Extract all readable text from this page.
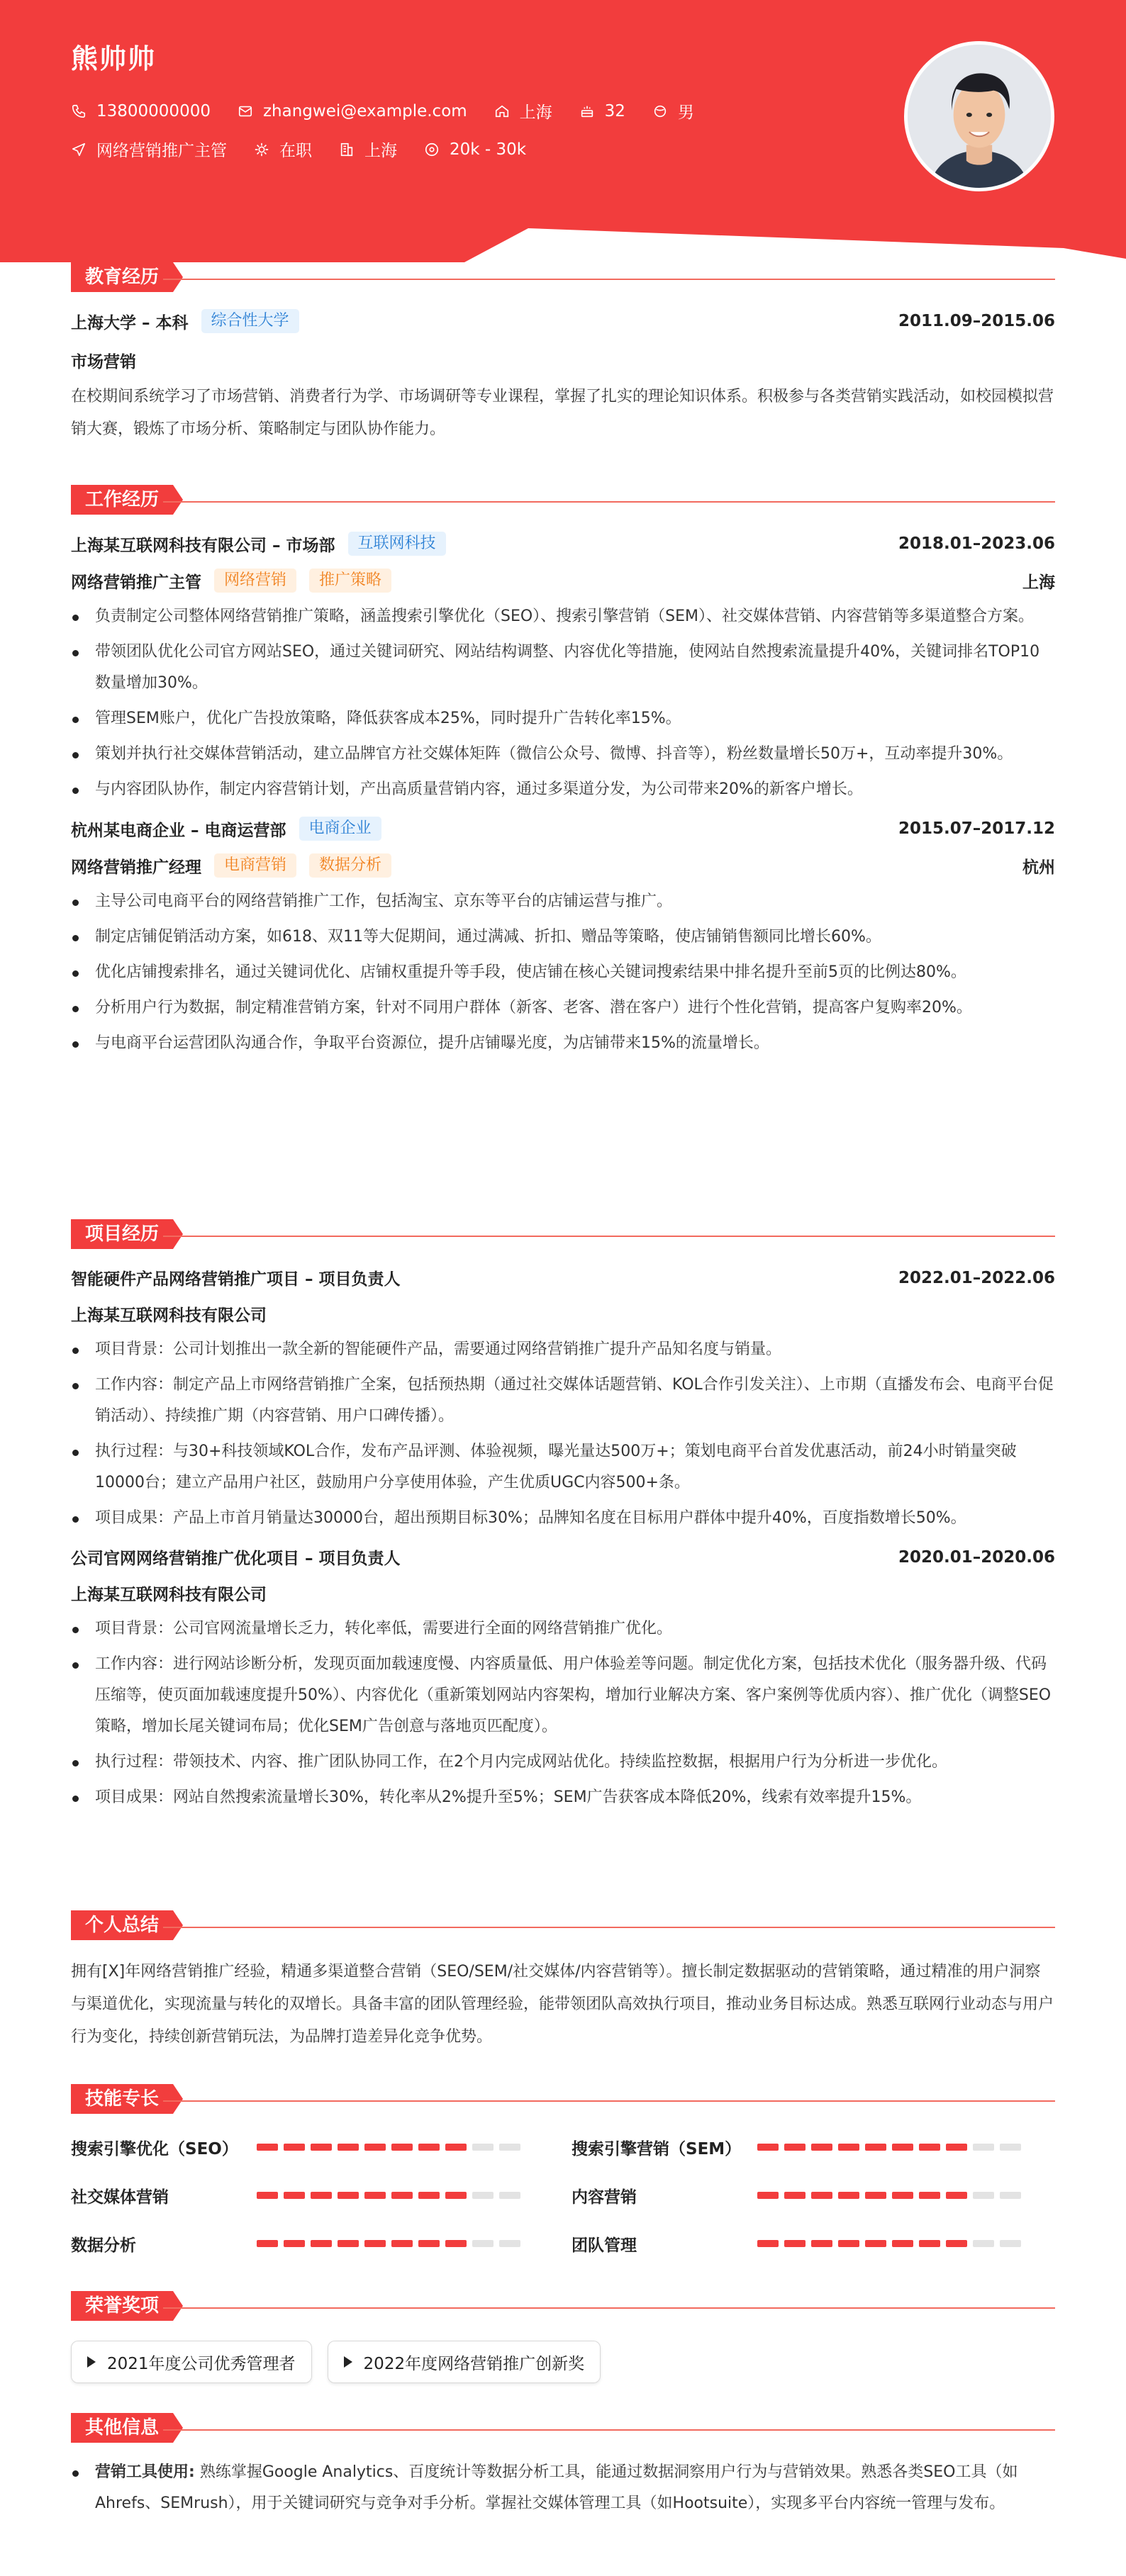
熊帅帅
13800000000	zhangwei@example.com	上海	32	男
网络营销推广主管	在职	上海	20k - 30k
教育经历
上海大学 – 本科	综合性大学	2011.09–2015.06
市场营销
在校期间系统学习了市场营销、消费者行为学、市场调研等专业课程，掌握了扎实的理论知识体系。积极参与各类营销实践活动，如校园模拟营销大赛，锻炼了市场分析、策略制定与团队协作能力。
工作经历
上海某互联网科技有限公司 – 市场部	互联网科技	2018.01–2023.06
网络营销推广主管	网络营销	推广策略	上海
负责制定公司整体网络营销推广策略，涵盖搜索引擎优化（SEO）、搜索引擎营销（SEM）、社交媒体营销、内容营销等多渠道整合方案。
带领团队优化公司官方网站SEO，通过关键词研究、网站结构调整、内容优化等措施，使网站自然搜索流量提升40%，关键词排名TOP10数量增加30%。
管理SEM账户，优化广告投放策略，降低获客成本25%，同时提升广告转化率15%。
策划并执行社交媒体营销活动，建立品牌官方社交媒体矩阵（微信公众号、微博、抖音等），粉丝数量增长50万+，互动率提升30%。
与内容团队协作，制定内容营销计划，产出高质量营销内容，通过多渠道分发，为公司带来20%的新客户增长。
杭州某电商企业 – 电商运营部	电商企业	2015.07–2017.12
网络营销推广经理	电商营销	数据分析	杭州
主导公司电商平台的网络营销推广工作，包括淘宝、京东等平台的店铺运营与推广。
制定店铺促销活动方案，如618、双11等大促期间，通过满减、折扣、赠品等策略，使店铺销售额同比增长60%。
优化店铺搜索排名，通过关键词优化、店铺权重提升等手段，使店铺在核心关键词搜索结果中排名提升至前5页的比例达80%。
分析用户行为数据，制定精准营销方案，针对不同用户群体（新客、老客、潜在客户）进行个性化营销，提高客户复购率20%。
与电商平台运营团队沟通合作，争取平台资源位，提升店铺曝光度，为店铺带来15%的流量增长。
项目经历
智能硬件产品网络营销推广项目 – 项目负责人	2022.01–2022.06
上海某互联网科技有限公司
项目背景：公司计划推出一款全新的智能硬件产品，需要通过网络营销推广提升产品知名度与销量。
工作内容：制定产品上市网络营销推广全案，包括预热期（通过社交媒体话题营销、KOL合作引发关注）、上市期（直播发布会、电商平台促销活动）、持续推广期（内容营销、用户口碑传播）。
执行过程：与30+科技领域KOL合作，发布产品评测、体验视频，曝光量达500万+；策划电商平台首发优惠活动，前24小时销量突破10000台；建立产品用户社区，鼓励用户分享使用体验，产生优质UGC内容500+条。
项目成果：产品上市首月销量达30000台，超出预期目标30%；品牌知名度在目标用户群体中提升40%，百度指数增长50%。
公司官网网络营销推广优化项目 – 项目负责人	2020.01–2020.06
上海某互联网科技有限公司
项目背景：公司官网流量增长乏力，转化率低，需要进行全面的网络营销推广优化。
工作内容：进行网站诊断分析，发现页面加载速度慢、内容质量低、用户体验差等问题。制定优化方案，包括技术优化（服务器升级、代码压缩等，使页面加载速度提升50%）、内容优化（重新策划网站内容架构，增加行业解决方案、客户案例等优质内容）、推广优化（调整SEO策略，增加长尾关键词布局；优化SEM广告创意与落地页匹配度）。
执行过程：带领技术、内容、推广团队协同工作，在2个月内完成网站优化。持续监控数据，根据用户行为分析进一步优化。
项目成果：网站自然搜索流量增长30%，转化率从2%提升至5%；SEM广告获客成本降低20%，线索有效率提升15%。
个人总结
拥有[X]年网络营销推广经验，精通多渠道整合营销（SEO/SEM/社交媒体/内容营销等）。擅长制定数据驱动的营销策略，通过精准的用户洞察与渠道优化，实现流量与转化的双增长。具备丰富的团队管理经验，能带领团队高效执行项目，推动业务目标达成。熟悉互联网行业动态与用户行为变化，持续创新营销玩法，为品牌打造差异化竞争优势。
技能专长
搜索引擎优化（SEO）	搜索引擎营销（SEM）
社交媒体营销	内容营销
数据分析	团队管理
荣誉奖项
2021年度公司优秀管理者	2022年度网络营销推广创新奖
其他信息
营销工具使用: 熟练掌握Google Analytics、百度统计等数据分析工具，能通过数据洞察用户行为与营销效果。熟悉各类SEO工具（如Ahrefs、SEMrush），用于关键词研究与竞争对手分析。掌握社交媒体管理工具（如Hootsuite），实现多平台内容统一管理与发布。
